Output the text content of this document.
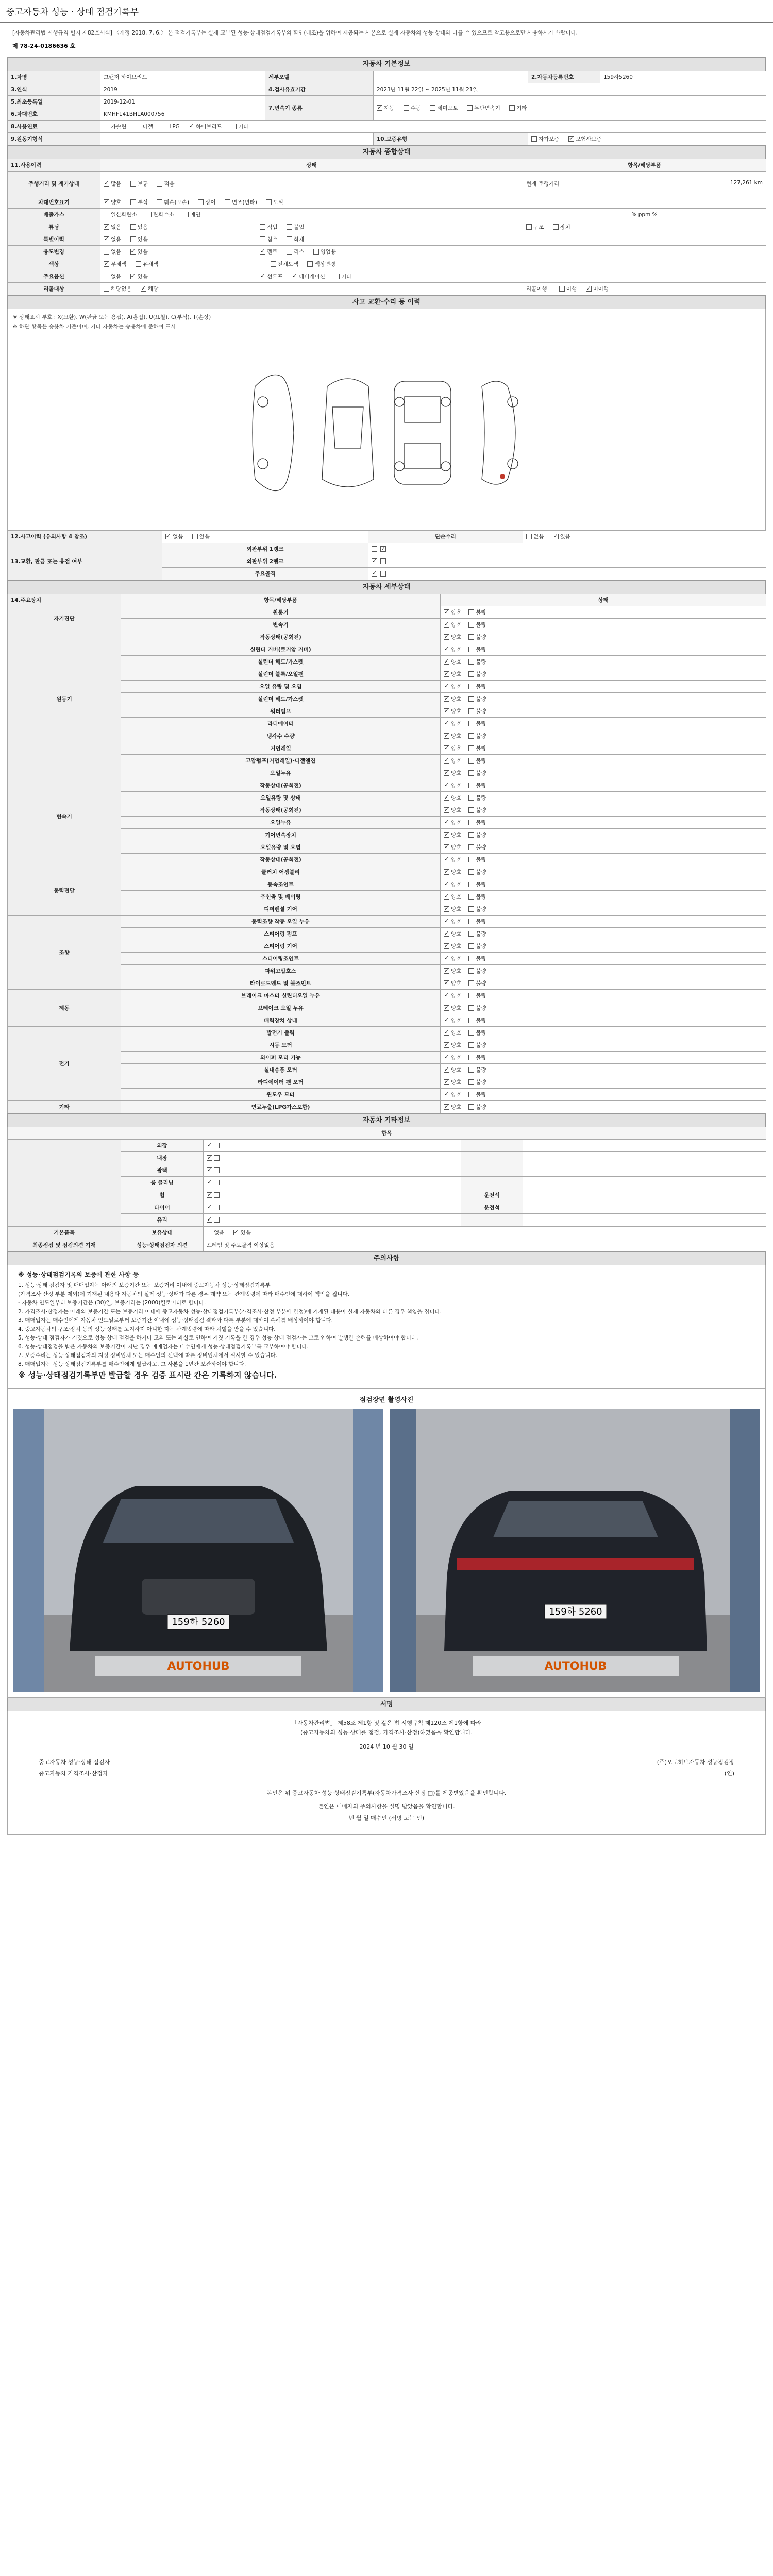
중고자동차 성능 · 상태 점검기록부
[자동차관리법 시행규칙 별지 제82호서식] 〈개정 2018. 7. 6.〉 본 점검기록부는 실제 교부된 성능·상태점검기록부의 확인(대조)을 위하여 제공되는 사본으로 실제 자동차의 성능·상태와 다를 수 있으므로 참고용으로만 사용하시기 바랍니다.
제 78-24-0186636 호
자동차 기본정보
1.차명	그랜저 하이브리드	세부모델		2.자동차등록번호	159하5260
3.연식	2019	4.검사유효기간	2023년 11월 22일 ~ 2025년 11월 21일		
5.최초등록일	2019-12-01	7.변속기 종류	✓자동 수동 세미오토 무단변속기 기타
6.차대번호	KMHF141BHLA000756				
8.사용연료	가솔린 디젤 LPG ✓ 하이브리드 기타
9.원동기형식			10.보증유형	자가보증 ✓ 보험사보증
자동차 종합상태
11.사용이력	상태	항목/해당부품
주행거리 및 계기상태	✓많음 보통 적음	현재 주행거리 127,261 km

차대번호표기	✓양호 부식 훼손(오손) 상이 변조(변타) 도말
배출가스	일산화탄소 탄화수소 매연	% ppm %
튜닝	✓없음 있음 적법 불법	구조 장치
특별이력	✓없음 있음 침수 화재
용도변경	없음 ✓ 있음 ✓ 렌트 리스 영업용
색상	✓무채색 유채색 전체도색 색상변경
주요옵션	없음 ✓ 있음 ✓ 선루프 ✓ 네비게이션 기타
리콜대상	해당없음 ✓ 해당	리콜이행 이행 ✓ 미이행
사고 교환·수리 등 이력
※ 상태표시 부호 : X(교환), W(판금 또는 용접), A(흠집), U(요철), C(부식), T(손상)
※ 하단 항목은 승용차 기준이며, 기타 자동차는 승용차에 준하여 표시
12.사고이력 (유의사항 4 참조)	✓없음 있음	단순수리	없음 ✓ 있음
13.교환, 판금 또는 용접 여부	외판부위 1랭크	✓
	외판부위 2랭크	✓
	주요골격	✓
자동차 세부상태
14.주요장치	항목/해당부품	상태
자기진단	원동기	✓양호 불량
	변속기	✓양호 불량
원동기	작동상태(공회전)	✓양호 불량
	실린더 커버(로커암 커버)	✓양호 불량
	실린더 헤드/가스켓	✓양호 불량
	실린더 블록/오일팬	✓양호 불량
	오일 유량 및 오염	✓양호 불량
	실린더 헤드/가스켓	✓양호 불량
	워터펌프	✓양호 불량
	라디에이터	✓양호 불량
	냉각수 수량	✓양호 불량
	커먼레일	✓양호 불량
	고압펌프(커먼레일)-디젤엔진	✓양호 불량
변속기	오일누유	✓양호 불량
	작동상태(공회전)	✓양호 불량
	오일유량 및 상태	✓양호 불량
	작동상태(공회전)	✓양호 불량
	오일누유	✓양호 불량
	기어변속장치	✓양호 불량
	오일유량 및 오염	✓양호 불량
	작동상태(공회전)	✓양호 불량
동력전달	클러치 어셈블리	✓양호 불량
	등속조인트	✓양호 불량
	추친축 및 베어링	✓양호 불량
	디퍼렌셜 기어	✓양호 불량
조향	동력조향 작동 오일 누유	✓양호 불량
	스티어링 펌프	✓양호 불량
	스티어링 기어	✓양호 불량
	스티어링조인트	✓양호 불량
	파워고압호스	✓양호 불량
	타이로드엔드 및 볼조인트	✓양호 불량
제동	브레이크 마스터 실린더오일 누유	✓양호 불량
	브레이크 오일 누유	✓양호 불량
	배력장치 상태	✓양호 불량
전기	발전기 출력	✓양호 불량
	시동 모터	✓양호 불량
	와이퍼 모터 기능	✓양호 불량
	실내송풍 모터	✓양호 불량
	라디에이터 팬 모터	✓양호 불량
	윈도우 모터	✓양호 불량
기타	연료누출(LPG가스포함)	✓양호 불량
자동차 기타정보
항목				
	외장	✓		
	내장	✓		
	광택	✓		
	룸 클리닝	✓		
	휠	✓	운전석	
	타이어	✓	운전석	
	유리	✓		
기본품목	보유상태	없음 ✓ 있음
최종점검 및 점검의견 기재	성능·상태점검자 의견	프레임 및 주요골격 이상없음
주의사항
※ 성능·상태점검기록의 보증에 관한 사항 등
1. 성능·상태 점검자 및 매매업자는 아래의 보증기간 또는 보증거리 이내에 중고자동차 성능·상태점검기록부
(가격조사·산정 부분 제외)에 기재된 내용과 자동차의 실제 성능·상태가 다른 경우 계약 또는 관계법령에 따라 매수인에 대하여 책임을 집니다.
- 자동차 인도일부터 보증기간은 (30)일, 보증거리는 (2000)킬로미터로 합니다.
2. 가격조사·산정자는 아래의 보증기간 또는 보증거리 이내에 중고자동차 성능·상태점검기록부(가격조사·산정 부분에 한정)에 기재된 내용이 실제 자동차와 다른 경우 책임을 집니다.
3. 매매업자는 매수인에게 자동차 인도일로부터 보증기간 이내에 성능·상태점검 결과와 다른 부분에 대하여 손해를 배상하여야 합니다.
4. 중고자동차의 구조·장치 등의 성능·상태를 고지하지 아니한 자는 관계법령에 따라 처벌을 받을 수 있습니다.
5. 성능·상태 점검자가 거짓으로 성능·상태 점검을 하거나 고의 또는 과실로 인하여 거짓 기록을 한 경우 성능·상태 점검자는 그로 인하여 발생한 손해를 배상하여야 합니다.
6. 성능·상태점검을 받은 자동차의 보증기간이 지난 경우 매매업자는 매수인에게 성능·상태점검기록부를 교부하여야 합니다.
7. 보증수리는 성능·상태점검자의 지정 정비업체 또는 매수인의 선택에 따른 정비업체에서 실시할 수 있습니다.
8. 매매업자는 성능·상태점검기록부를 매수인에게 발급하고, 그 사본을 1년간 보관하여야 합니다.
※ 성능·상태점검기록부만 발급할 경우 검증 표시란 칸은 기록하지 않습니다.
점검장면 촬영사진
159하 5260
AUTOHUB
159하 5260
AUTOHUB
서명
「자동차관리법」 제58조 제1항 및 같은 법 시행규칙 제120조 제1항에 따라
(중고자동차의 성능·상태를 점검, 가격조사·산정)하였음을 확인합니다.
2024 년 10 월 30 일
중고자동차 성능·상태 점검자	(주)오토허브자동차 성능점검장
중고자동차 가격조사·산정자	(인)
본인은 위 중고자동차 성능·상태점검기록부(자동차가격조사·산정 □)를 제공받았음을 확인합니다.
본인은 매매자의 주의사항을 설명 받았음을 확인합니다.
년 월 일 매수인 (서명 또는 인)
